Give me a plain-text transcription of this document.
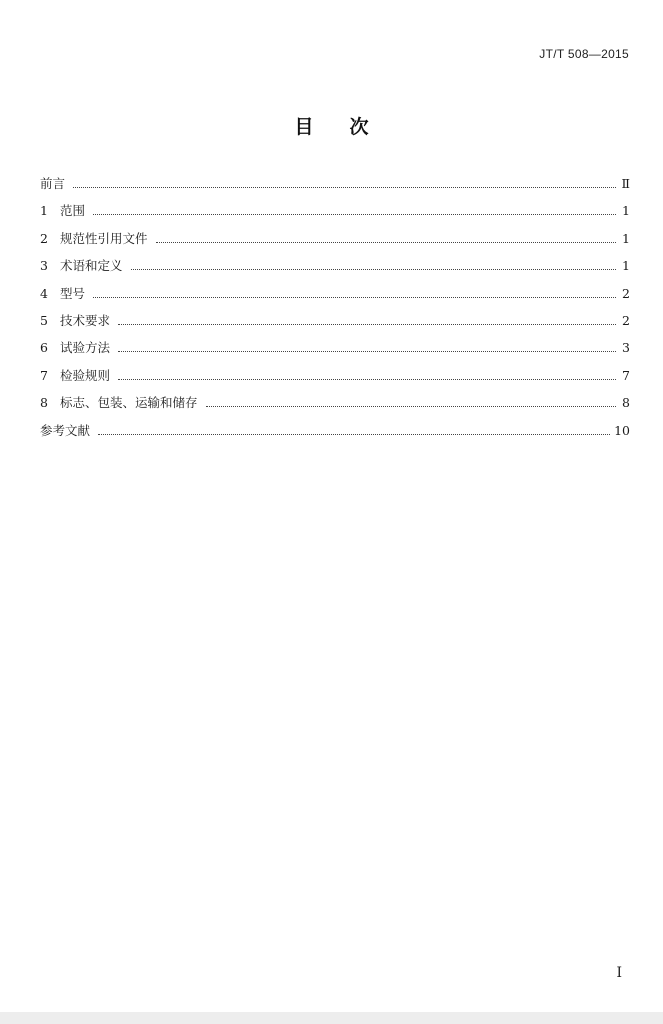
JT/T 508—2015
目次
前言	Ⅱ
1 范围	1
2 规范性引用文件	1
3 术语和定义	1
4 型号	2
5 技术要求	2
6 试验方法	3
7 检验规则	7
8 标志、包装、运输和储存	8
参考文献	10
I
